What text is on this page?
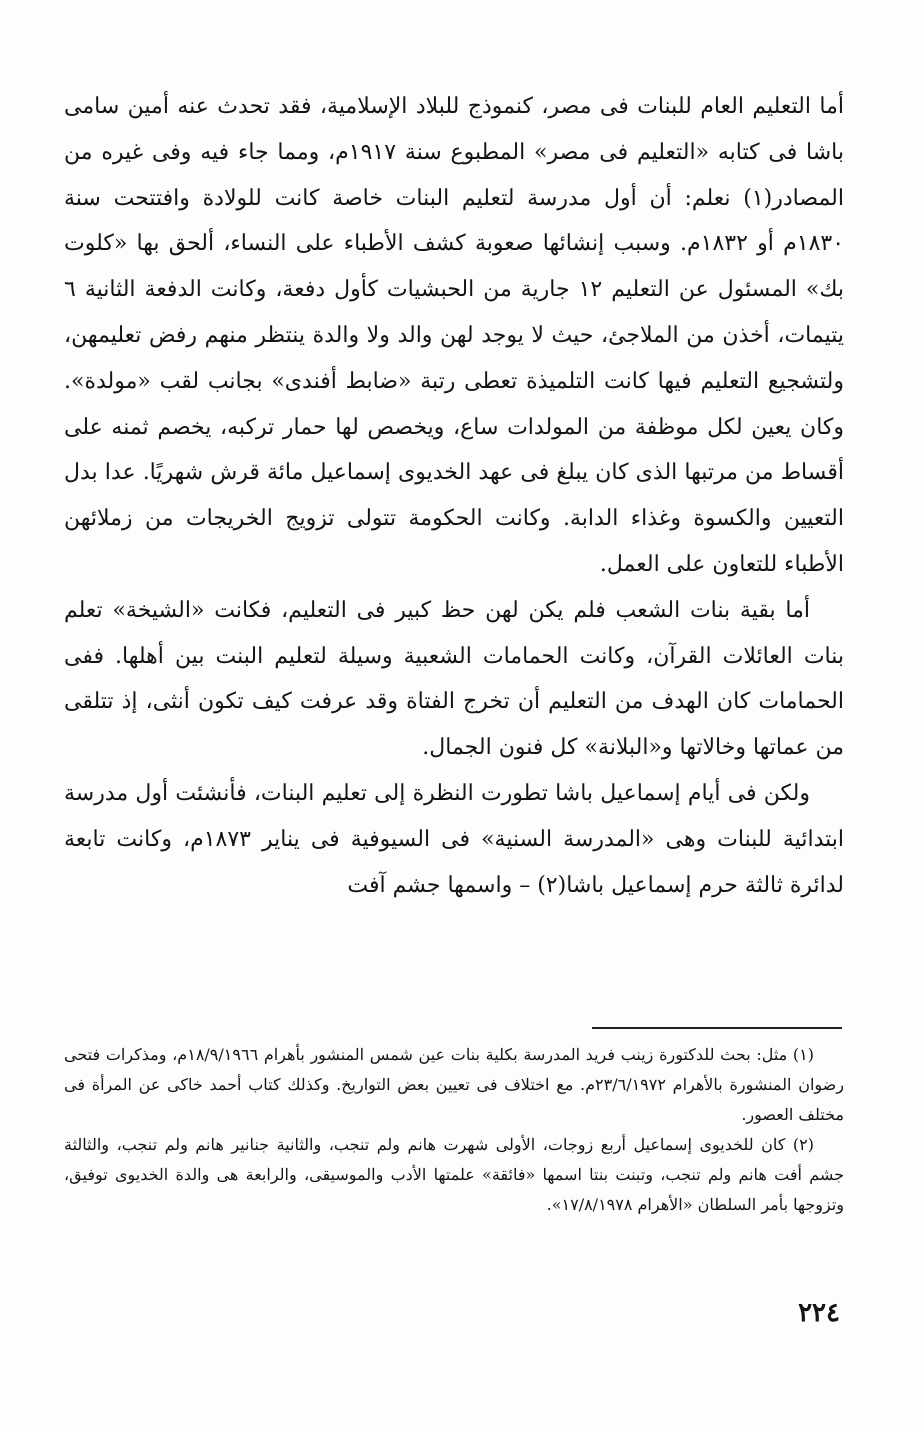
أما التعليم العام للبنات فى مصر، كنموذج للبلاد الإسلامية، فقد تحدث عنه أمين سامى باشا فى كتابه «التعليم فى مصر» المطبوع سنة ١٩١٧م، ومما جاء فيه وفى غيره من المصادر(١) نعلم: أن أول مدرسة لتعليم البنات خاصة كانت للولادة وافتتحت سنة ١٨٣٠م أو ١٨٣٢م. وسبب إنشائها صعوبة كشف الأطباء على النساء، ألحق بها «كلوت بك» المسئول عن التعليم ١٢ جارية من الحبشيات كأول دفعة، وكانت الدفعة الثانية ٦ يتيمات، أخذن من الملاجئ، حيث لا يوجد لهن والد ولا والدة ينتظر منهم رفض تعليمهن، ولتشجيع التعليم فيها كانت التلميذة تعطى رتبة «ضابط أفندى» بجانب لقب «مولدة». وكان يعين لكل موظفة من المولدات ساع، ويخصص لها حمار تركبه، يخصم ثمنه على أقساط من مرتبها الذى كان يبلغ فى عهد الخديوى إسماعيل مائة قرش شهريًا. عدا بدل التعيين والكسوة وغذاء الدابة. وكانت الحكومة تتولى تزويج الخريجات من زملائهن الأطباء للتعاون على العمل.

أما بقية بنات الشعب فلم يكن لهن حظ كبير فى التعليم، فكانت «الشيخة» تعلم بنات العائلات القرآن، وكانت الحمامات الشعبية وسيلة لتعليم البنت بين أهلها. ففى الحمامات كان الهدف من التعليم أن تخرج الفتاة وقد عرفت كيف تكون أنثى، إذ تتلقى من عماتها وخالاتها و«البلانة» كل فنون الجمال.

ولكن فى أيام إسماعيل باشا تطورت النظرة إلى تعليم البنات، فأنشئت أول مدرسة ابتدائية للبنات وهى «المدرسة السنية» فى السيوفية فى يناير ١٨٧٣م، وكانت تابعة لدائرة ثالثة حرم إسماعيل باشا(٢) – واسمها جشم آفت

(١) مثل: بحث للدكتورة زينب فريد المدرسة بكلية بنات عين شمس المنشور بأهرام ١٨/٩/١٩٦٦م، ومذكرات فتحى رضوان المنشورة بالأهرام ٢٣/٦/١٩٧٢م. مع اختلاف فى تعيين بعض التواريخ. وكذلك كتاب أحمد خاكى عن المرأة فى مختلف العصور.

(٢) كان للخديوى إسماعيل أربع زوجات، الأولى شهرت هانم ولم تنجب، والثانية جنانير هانم ولم تنجب، والثالثة جشم أفت هانم ولم تنجب، وتبنت بنتا اسمها «فائقة» علمتها الأدب والموسيقى، والرابعة هى والدة الخديوى توفيق، وتزوجها بأمر السلطان «الأهرام ١٧/٨/١٩٧٨».

٢٢٤
